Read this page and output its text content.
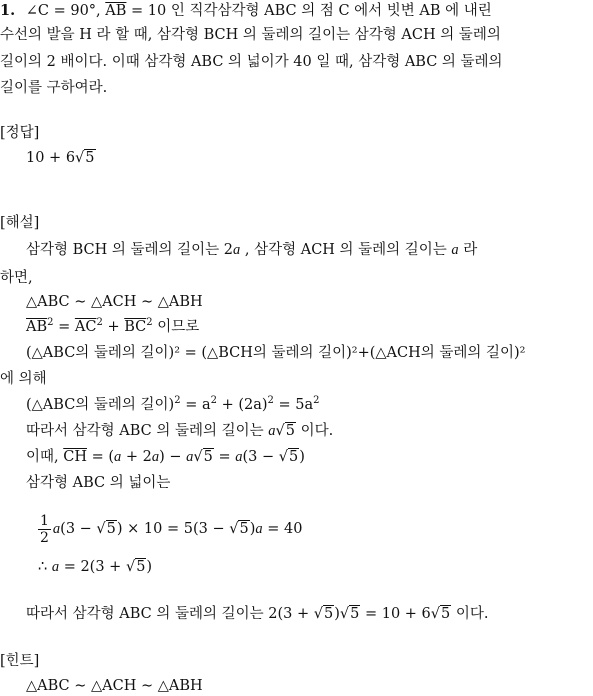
1. ∠C = 90°, $\overline{AB} = 10$ 인 직각삼각형 ABC 의 점 C 에서 빗변 AB 에 내린
수선의 발을 H 라 할 때, 삼각형 BCH 의 둘레의 길이는 삼각형 ACH 의 둘레의
길이의 2 배이다. 이때 삼각형 ABC 의 넓이가 40 일 때, 삼각형 ABC 의 둘레의
길이를 구하여라.
[정답]
10 + 6√5
[해설]
삼각형 BCH 의 둘레의 길이는 2a , 삼각형 ACH 의 둘레의 길이는 a 라
하면,
△ABC ∼ △ACH ∼ △ABH
$\overline{AB}^2 = \overline{AC}^2 + \overline{BC}^2$ 이므로
(△ABC의 둘레의 길이)² = (△BCH의 둘레의 길이)²+(△ACH의 둘레의 길이)²
에 의해
(△ABC의 둘레의 길이)$^2 = a^2 + (2a)^2 = 5a^2$
따라서 삼각형 ABC 의 둘레의 길이는 a√5 이다.
이때, $\overline{CH} = (a + 2a) - a√5 = a(3 - √5)$
삼각형 ABC 의 넓이는
$\frac{1}{2} a(3 - √5) \times 10 = 5(3 - √5)a = 40$
∴ a = 2(3 + √5)
따라서 삼각형 ABC 의 둘레의 길이는 2(3 + √5)√5 = 10 + 6√5 이다.
[힌트]
△ABC ∼ △ACH ∼ △ABH
